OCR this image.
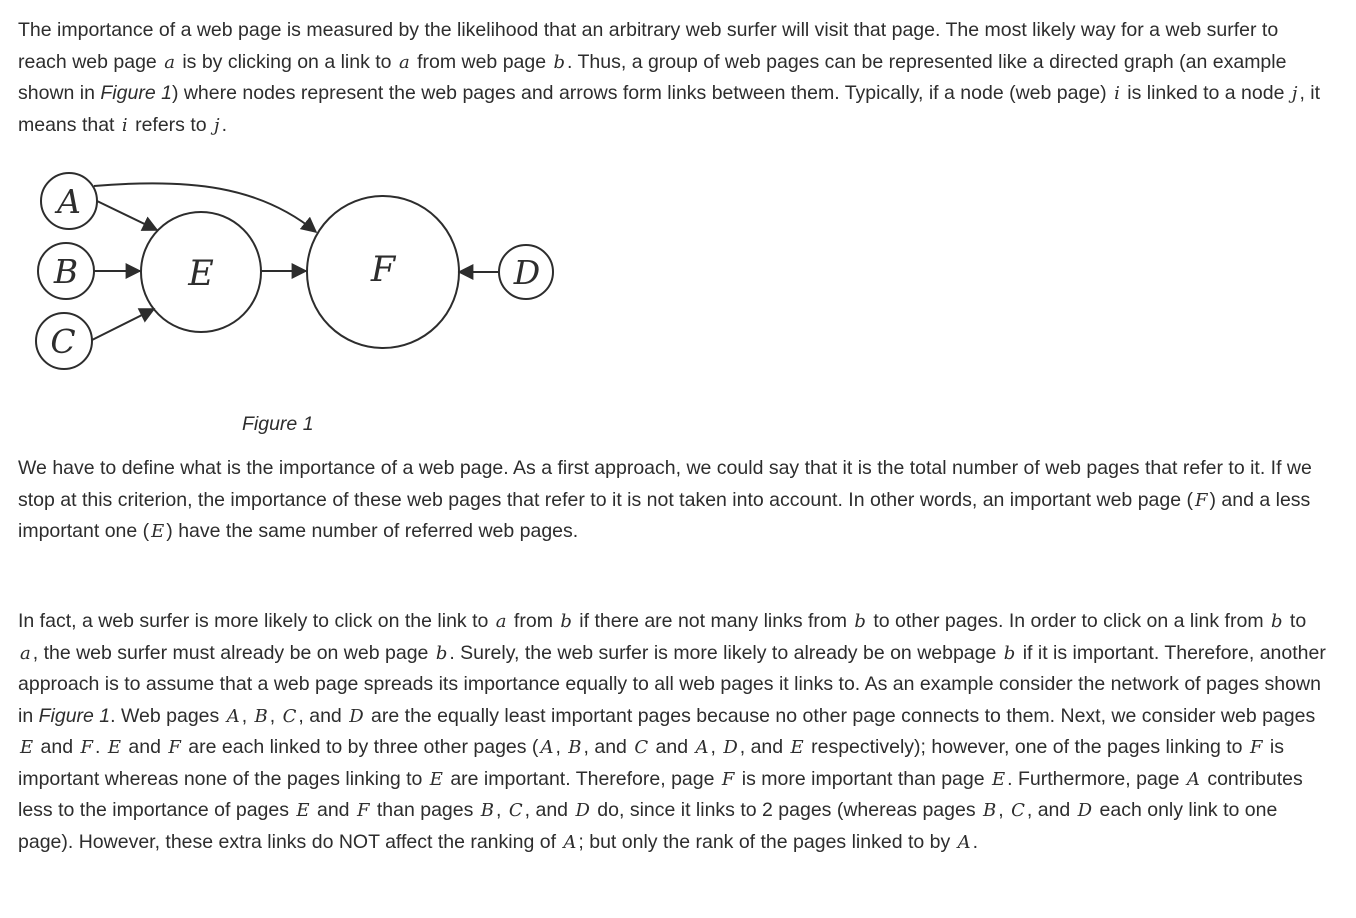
The importance of a web page is measured by the likelihood that an arbitrary web surfer will visit that page. The most likely way for a web surfer to reach web page a is by clicking on a link to a from web page b . Thus, a group of web pages can be represented like a directed graph (an example shown in Figure 1) where nodes represent the web pages and arrows form links between them. Typically, if a node (web page) i is linked to a node j , it means that i refers to j .

A
B
C
E	F	D
Figure 1

We have to define what is the importance of a web page. As a first approach, we could say that it is the total number of web pages that refer to it. If we stop at this criterion, the importance of these web pages that refer to it is not taken into account. In other words, an important web page ( F ) and a less important one ( E ) have the same number of referred web pages.

In fact, a web surfer is more likely to click on the link to a from b if there are not many links from b to other pages. In order to click on a link from b to a , the web surfer must already be on web page b . Surely, the web surfer is more likely to already be on webpage b if it is important. Therefore, another approach is to assume that a web page spreads its importance equally to all web pages it links to. As an example consider the network of pages shown in Figure 1. Web pages A , B , C , and D are the equally least important pages because no other page connects to them. Next, we consider web pages E and F . E and F are each linked to by three other pages ( A , B , and C and A , D , and E respectively); however, one of the pages linking to F is important whereas none of the pages linking to E are important. Therefore, page F is more important than page E . Furthermore, page A contributes less to the importance of pages E and F than pages B , C , and D do, since it links to 2 pages (whereas pages B , C , and D each only link to one page). However, these extra links do NOT affect the ranking of A ; but only the rank of the pages linked to by A .
